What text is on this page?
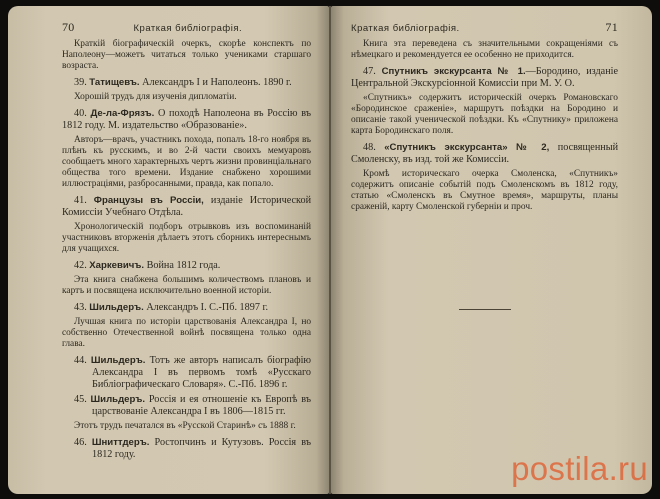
70	Краткая библіографія.

Краткій біографическій очеркъ, скорѣе конспектъ по Наполеону—можетъ читаться только учениками старшаго возраста.

39. Татищевъ. Александръ I и Наполеонъ. 1890 г.

Хорошій трудъ для изученія дипломатіи.

40. Де-ла-Фрязъ. О походѣ Наполеона въ Россію въ 1812 году. М. издательство «Образованіе».

Авторъ—врачъ, участникъ похода, попалъ 18-го ноября въ плѣнъ къ русскимъ, и во 2-й части своихъ мемуаровъ сообщаетъ много характерныхъ чертъ жизни провинціальнаго общества того времени. Издание снабжено хорошими иллюстраціями, разбросанными, правда, как попало.

41. Французы въ Россіи, изданіе Исторической Комиссіи Учебнаго Отдѣла.

Хронологическій подборъ отрывковъ изъ воспоминаній участниковъ вторженія дѣлаетъ этотъ сборникъ интереснымъ для учащихся.

42. Харкевичъ. Война 1812 года.

Эта книга снабжена большимъ количествомъ плановъ и картъ и посвящена исключительно военной исторіи.

43. Шильдеръ. Александръ I. С.-Пб. 1897 г.

Лучшая книга по исторіи царствованія Александра I, но собственно Отечественной войнѣ посвящена только одна глава.

44. Шильдеръ. Тотъ же авторъ написалъ біографію Александра I въ первомъ томѣ «Русскаго Библіографическаго Словаря». С.-Пб. 1896 г.

45. Шильдеръ. Россія и ея отношеніе къ Европѣ въ царствованіе Александра I въ 1806—1815 гг.

Этотъ трудъ печатался въ «Русской Старинѣ» съ 1888 г.

46. Шниттдеръ. Ростопчинъ и Кутузовъ. Россія въ 1812 году.

Краткая библіографія.	71

Книга эта переведена съ значительными сокращеніями съ нѣмецкаго и рекомендуется ее особенно не приходится.

47. Спутникъ экскурсанта № 1.—Бородино, изданіе Центральной Экскурсіонной Комиссіи при М. У. О.

«Спутникъ» содержитъ историческій очеркъ Романовскаго «Бородинское сраженіе», маршрутъ поѣздки на Бородино и описаніе такой ученической поѣздки. Къ «Спутнику» приложена карта Бородинскаго поля.

48. «Спутникъ экскурсанта» № 2, посвященный Смоленску, въ изд. той же Комиссіи.

Кромѣ историческаго очерка Смоленска, «Спутникъ» содержитъ описаніе событій подъ Смоленскомъ въ 1812 году, статью «Смоленскъ въ Смутное время», маршруты, планы сраженій, карту Смоленской губерніи и проч.

postila.ru
